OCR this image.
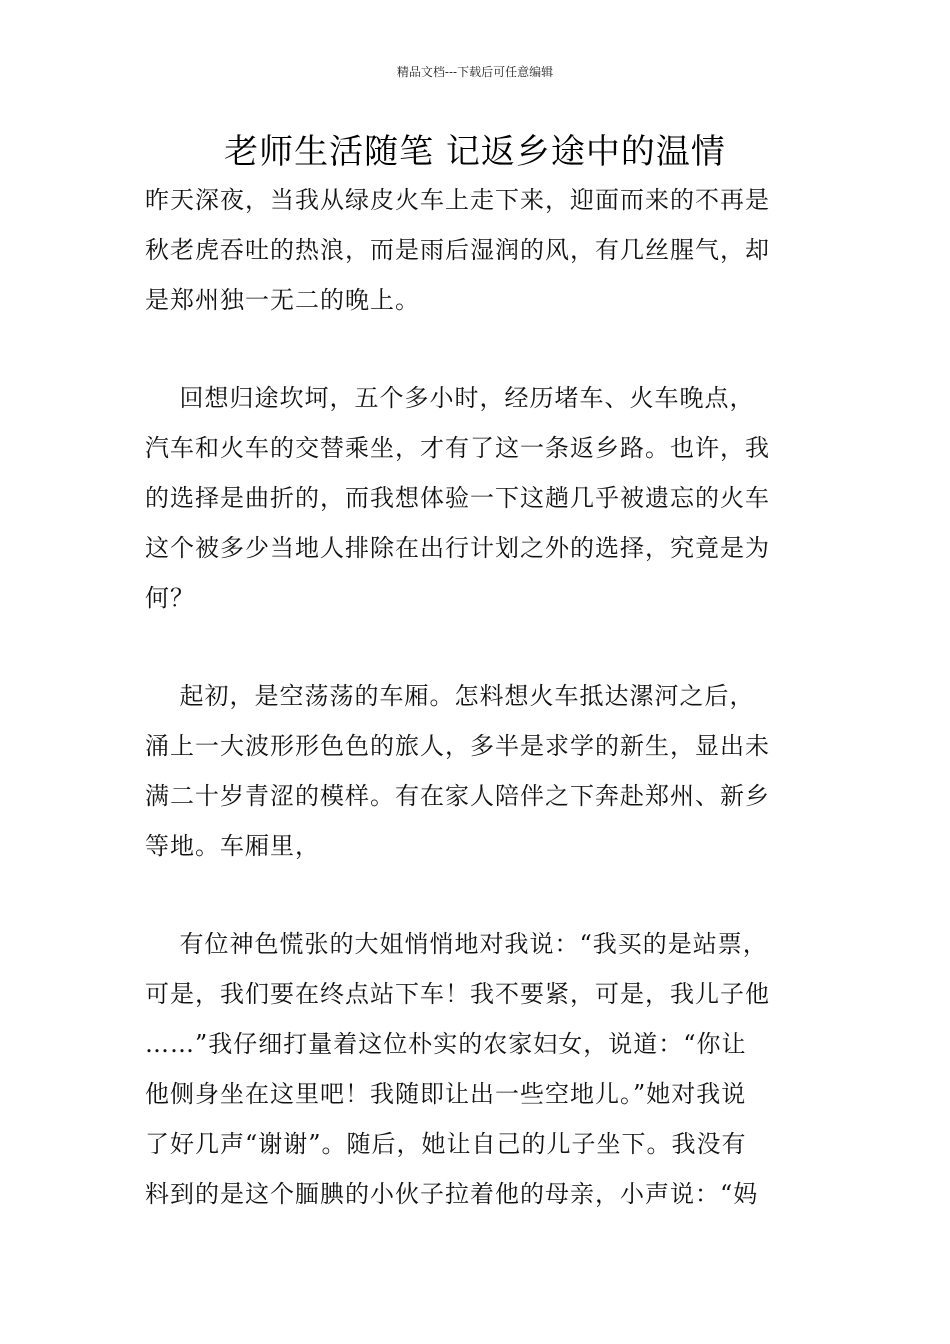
精品文档---下载后可任意编辑
老师生活随笔 记返乡途中的温情
昨天深夜，当我从绿皮火车上走下来，迎面而来的不再是
秋老虎吞吐的热浪，而是雨后湿润的风，有几丝腥气，却
是郑州独一无二的晚上。
回想归途坎坷，五个多小时，经历堵车、火车晚点，
汽车和火车的交替乘坐，才有了这一条返乡路。也许，我
的选择是曲折的，而我想体验一下这趟几乎被遗忘的火车
这个被多少当地人排除在出行计划之外的选择，究竟是为
何？
起初，是空荡荡的车厢。怎料想火车抵达漯河之后，
涌上一大波形形色色的旅人，多半是求学的新生，显出未
满二十岁青涩的模样。有在家人陪伴之下奔赴郑州、新乡
等地。车厢里，
有位神色慌张的大姐悄悄地对我说：“我买的是站票，
可是，我们要在终点站下车！我不要紧，可是，我儿子他
……”我仔细打量着这位朴实的农家妇女，说道：“你让
他侧身坐在这里吧！我随即让出一些空地儿。”她对我说
了好几声“谢谢”。随后，她让自己的儿子坐下。我没有
料到的是这个腼腆的小伙子拉着他的母亲，小声说：“妈
